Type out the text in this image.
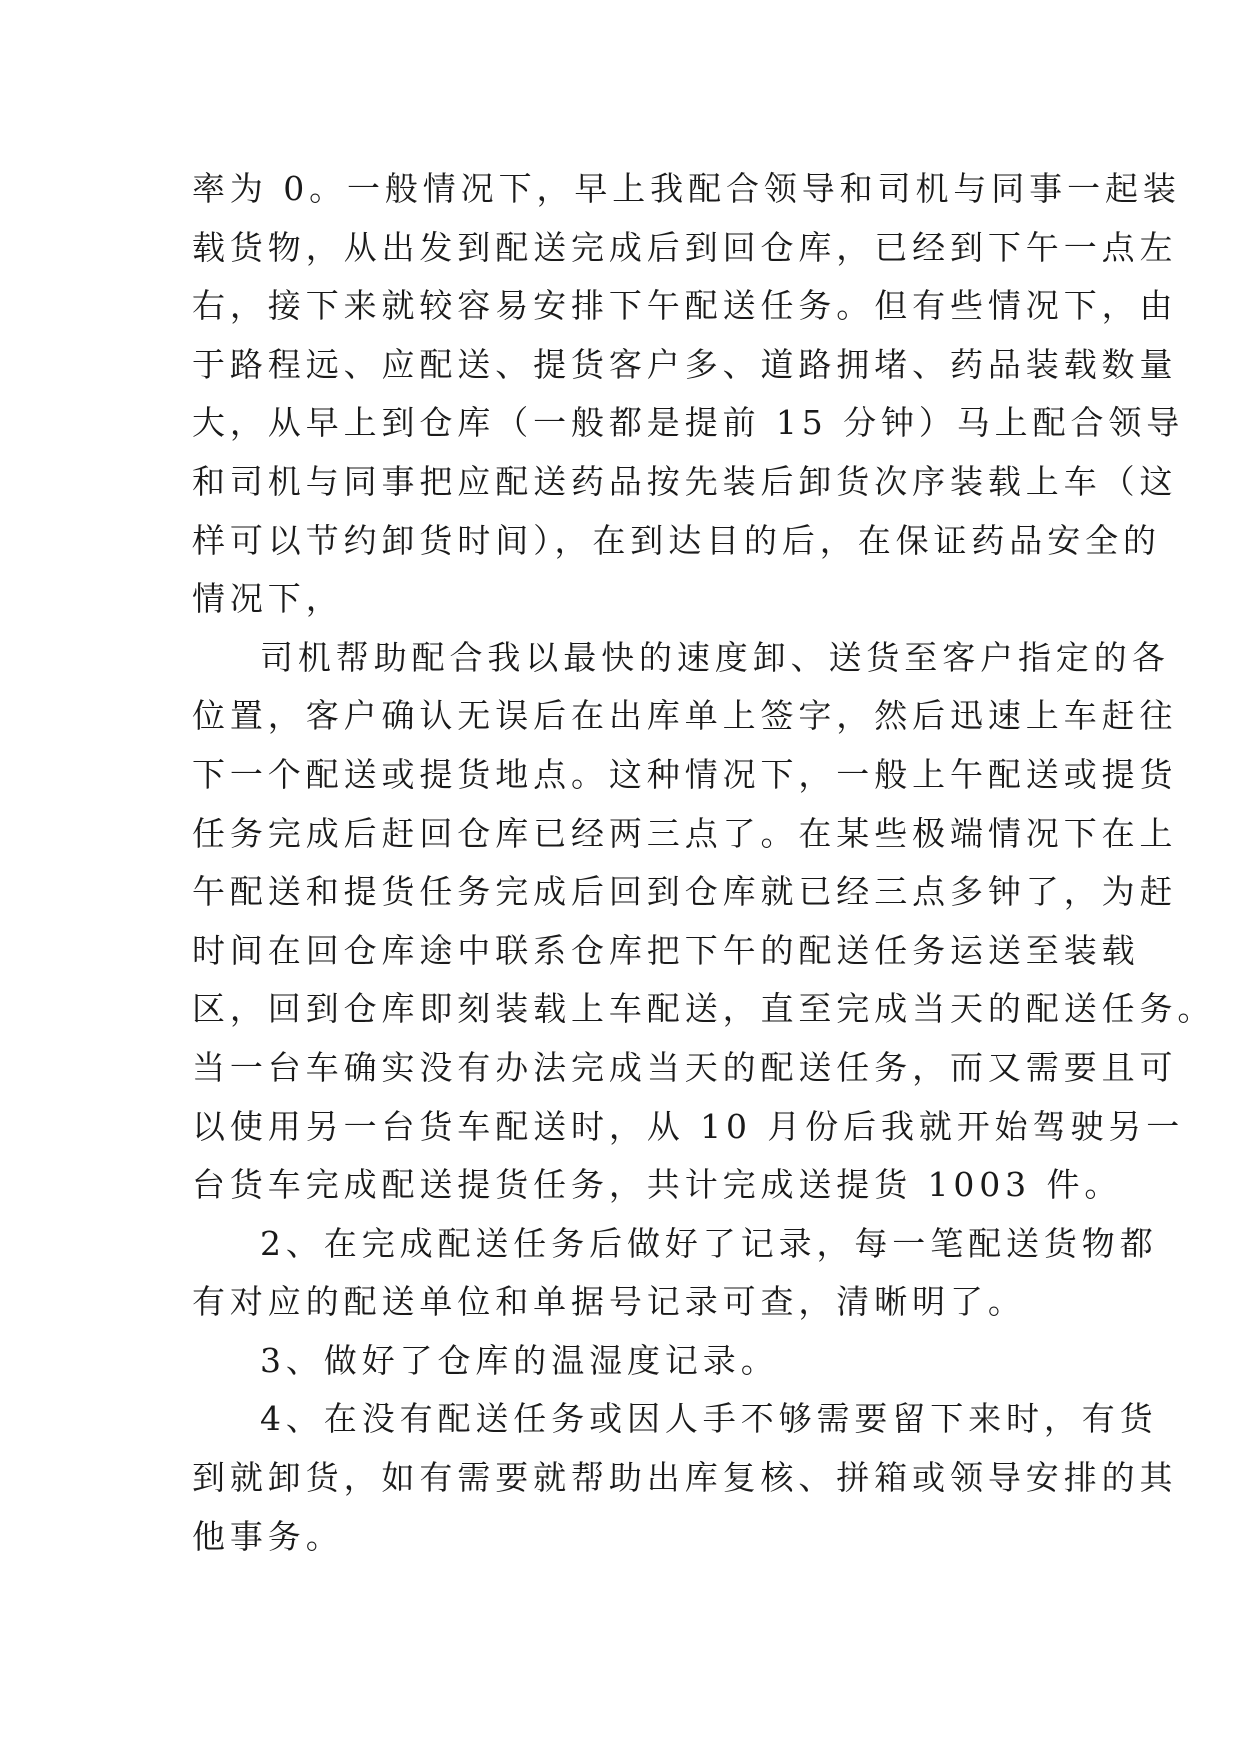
率为 0。一般情况下，早上我配合领导和司机与同事一起装
载货物，从出发到配送完成后到回仓库，已经到下午一点左
右，接下来就较容易安排下午配送任务。但有些情况下，由
于路程远、应配送、提货客户多、道路拥堵、药品装载数量
大，从早上到仓库（一般都是提前 15 分钟）马上配合领导
和司机与同事把应配送药品按先装后卸货次序装载上车（这
样可以节约卸货时间），在到达目的后，在保证药品安全的
情况下，
司机帮助配合我以最快的速度卸、送货至客户指定的各
位置，客户确认无误后在出库单上签字，然后迅速上车赶往
下一个配送或提货地点。这种情况下，一般上午配送或提货
任务完成后赶回仓库已经两三点了。在某些极端情况下在上
午配送和提货任务完成后回到仓库就已经三点多钟了，为赶
时间在回仓库途中联系仓库把下午的配送任务运送至装载
区，回到仓库即刻装载上车配送，直至完成当天的配送任务。
当一台车确实没有办法完成当天的配送任务，而又需要且可
以使用另一台货车配送时，从 10 月份后我就开始驾驶另一
台货车完成配送提货任务，共计完成送提货 1003 件。
2、在完成配送任务后做好了记录，每一笔配送货物都
有对应的配送单位和单据号记录可查，清晰明了。
3、做好了仓库的温湿度记录。
4、在没有配送任务或因人手不够需要留下来时，有货
到就卸货，如有需要就帮助出库复核、拼箱或领导安排的其
他事务。
